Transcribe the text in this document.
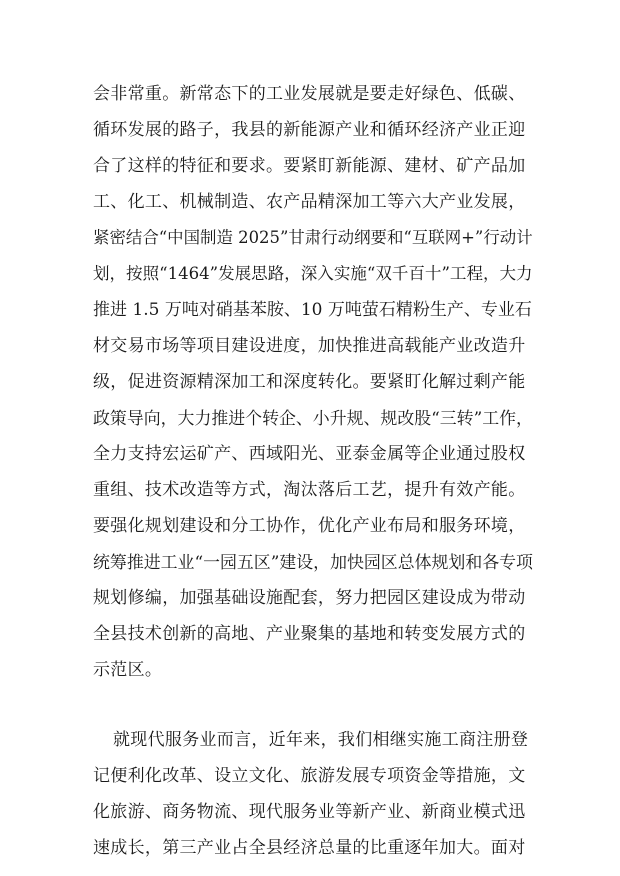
会非常重。新常态下的工业发展就是要走好绿色、低碳、
循环发展的路子，我县的新能源产业和循环经济产业正迎
合了这样的特征和要求。要紧盯新能源、建材、矿产品加
工、化工、机械制造、农产品精深加工等六大产业发展，
紧密结合“中国制造 2025”甘肃行动纲要和“互联网+”行动计
划，按照“1464”发展思路，深入实施“双千百十”工程，大力
推进 1.5 万吨对硝基苯胺、10 万吨萤石精粉生产、专业石
材交易市场等项目建设进度，加快推进高载能产业改造升
级，促进资源精深加工和深度转化。要紧盯化解过剩产能
政策导向，大力推进个转企、小升规、规改股“三转”工作，
全力支持宏运矿产、西域阳光、亚泰金属等企业通过股权
重组、技术改造等方式，淘汰落后工艺，提升有效产能。
要强化规划建设和分工协作，优化产业布局和服务环境，
统筹推进工业“一园五区”建设，加快园区总体规划和各专项
规划修编，加强基础设施配套，努力把园区建设成为带动
全县技术创新的高地、产业聚集的基地和转变发展方式的
示范区。
就现代服务业而言，近年来，我们相继实施工商注册登
记便利化改革、设立文化、旅游发展专项资金等措施，文
化旅游、商务物流、现代服务业等新产业、新商业模式迅
速成长，第三产业占全县经济总量的比重逐年加大。面对
